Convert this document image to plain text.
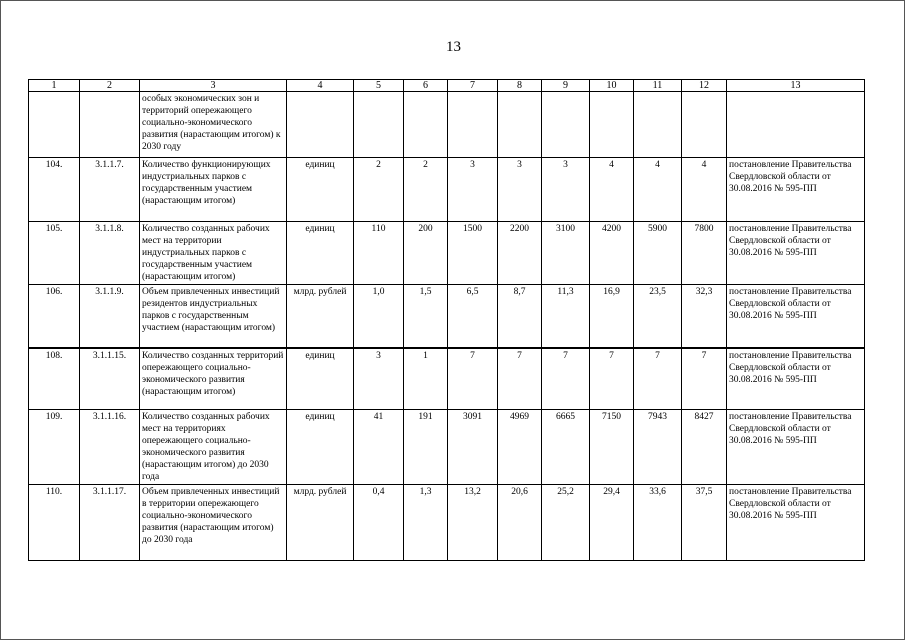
13
1	2	3	4	5	6	7	8	9	10	11	12	13
		особых экономических зон и территорий опережающего социально-экономического развития (нарастающим итогом) к 2030 году										
104.	3.1.1.7.	Количество функционирующих индустриальных парков с государственным участием (нарастающим итогом)	единиц	2	2	3	3	3	4	4	4	постановление Правительства Свердловской области от 30.08.2016 № 595-ПП
105.	3.1.1.8.	Количество созданных рабочих мест на территории индустриальных парков с государственным участием (нарастающим итогом)	единиц	110	200	1500	2200	3100	4200	5900	7800	постановление Правительства Свердловской области от 30.08.2016 № 595-ПП
106.	3.1.1.9.	Объем привлеченных инвестиций резидентов индустриальных парков с государственным участием (нарастающим итогом)	млрд. рублей	1,0	1,5	6,5	8,7	11,3	16,9	23,5	32,3	постановление Правительства Свердловской области от 30.08.2016 № 595-ПП
108.	3.1.1.15.	Количество созданных территорий опережающего социально-экономического развития (нарастающим итогом)	единиц	3	1	7	7	7	7	7	7	постановление Правительства Свердловской области от 30.08.2016 № 595-ПП
109.	3.1.1.16.	Количество созданных рабочих мест на территориях опережающего социально-экономического развития (нарастающим итогом) до 2030 года	единиц	41	191	3091	4969	6665	7150	7943	8427	постановление Правительства Свердловской области от 30.08.2016 № 595-ПП
110.	3.1.1.17.	Объем привлеченных инвестиций в территории опережающего социально-экономического развития (нарастающим итогом) до 2030 года	млрд. рублей	0,4	1,3	13,2	20,6	25,2	29,4	33,6	37,5	постановление Правительства Свердловской области от 30.08.2016 № 595-ПП
